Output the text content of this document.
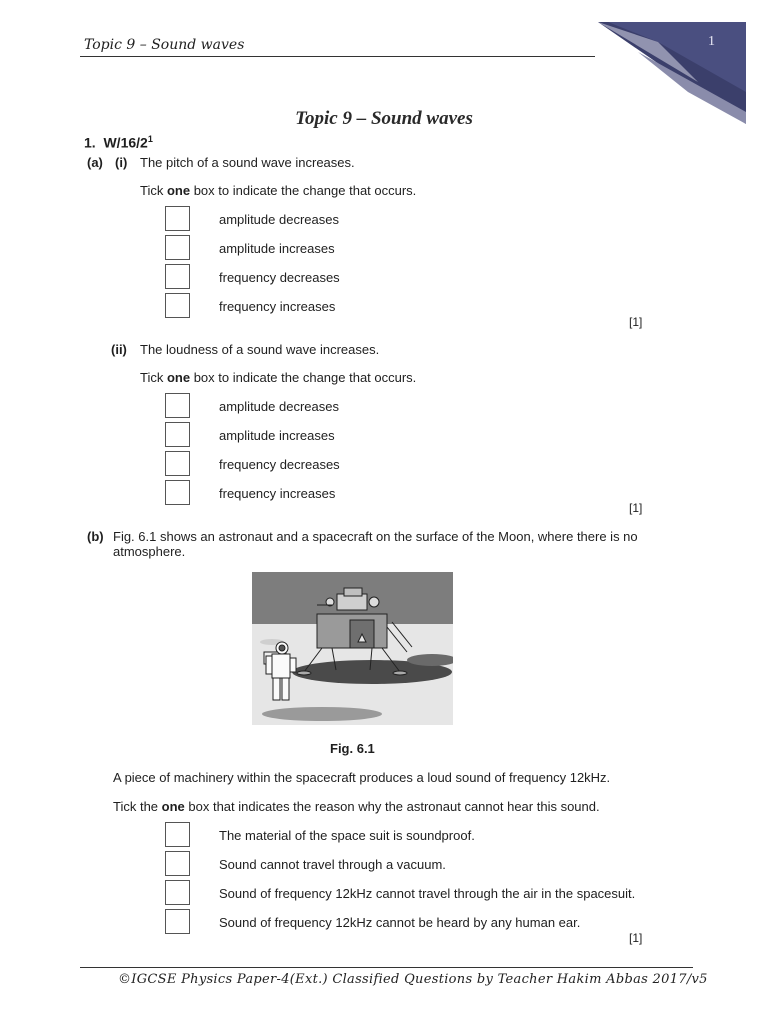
Topic 9 – Sound waves	1
Topic 9 – Sound waves
1. $W/16/2^1$
(a) (i) The pitch of a sound wave increases.
Tick one box to indicate the change that occurs.
amplitude decreases
amplitude increases
frequency decreases
frequency increases
[1]
(ii) The loudness of a sound wave increases.
Tick one box to indicate the change that occurs.
amplitude decreases
amplitude increases
frequency decreases
frequency increases
[1]
(b) Fig. 6.1 shows an astronaut and a spacecraft on the surface of the Moon, where there is no
atmosphere.
Fig. 6.1
A piece of machinery within the spacecraft produces a loud sound of frequency 12kHz.
Tick the one box that indicates the reason why the astronaut cannot hear this sound.
The material of the space suit is soundproof.
Sound cannot travel through a vacuum.
Sound of frequency 12kHz cannot travel through the air in the spacesuit.
Sound of frequency 12kHz cannot be heard by any human ear.
[1]
©IGCSE Physics Paper-4(Ext.) Classified Questions by Teacher Hakim Abbas 2017/v5
